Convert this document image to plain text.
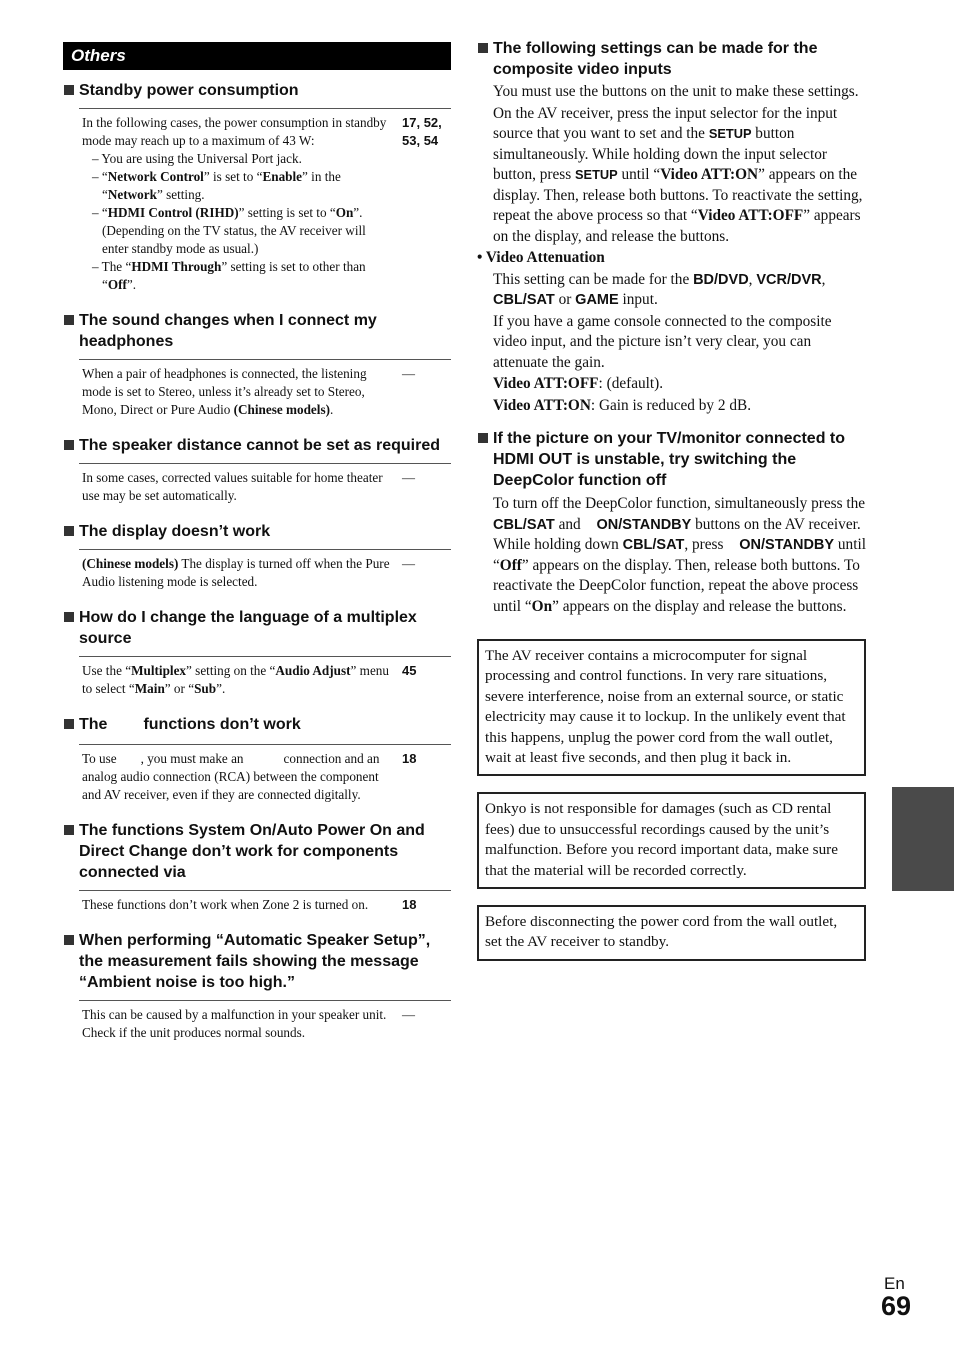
Others
Standby power consumption
In the following cases, the power consumption in standby mode may reach up to a maximum of 43 W:
– You are using the Universal Port jack.
– “Network Control” is set to “Enable” in the “Network” setting.
– “HDMI Control (RIHD)” setting is set to “On”. (Depending on the TV status, the AV receiver will enter standby mode as usual.)
– The “HDMI Through” setting is set to other than “Off”.
17, 52,
53, 54
The sound changes when I connect my headphones
When a pair of headphones is connected, the listening mode is set to Stereo, unless it’s already set to Stereo, Mono, Direct or Pure Audio (Chinese models).
—
The speaker distance cannot be set as required
In some cases, corrected values suitable for home theater use may be set automatically.
—
The display doesn’t work
(Chinese models) The display is turned off when the Pure Audio listening mode is selected.
—
How do I change the language of a multiplex source
Use the “Multiplex” setting on the “Audio Adjust” menu to select “Main” or “Sub”.
45
The functions don’t work
To use , you must make an	connection and an analog audio connection (RCA) between the component and AV receiver, even if they are connected digitally.
18
The functions System On/Auto Power On and Direct Change don’t work for components connected via
These functions don’t work when Zone 2 is turned on.	18
When performing “Automatic Speaker Setup”, the measurement fails showing the message “Ambient noise is too high.”
This can be caused by a malfunction in your speaker unit. Check if the unit produces normal sounds.
—
The following settings can be made for the composite video inputs

You must use the buttons on the unit to make these settings.

On the AV receiver, press the input selector for the input source that you want to set and the SETUP button simultaneously. While holding down the input selector button, press SETUP until “Video ATT:ON” appears on the display. Then, release both buttons. To reactivate the setting, repeat the above process so that “Video ATT:OFF” appears on the display, and release the buttons.

• Video Attenuation

This setting can be made for the BD/DVD, VCR/DVR, CBL/SAT or GAME input.

If you have a game console connected to the composite video input, and the picture isn’t very clear, you can attenuate the gain.

Video ATT:OFF: (default).

Video ATT:ON: Gain is reduced by 2 dB.

If the picture on your TV/monitor connected to HDMI OUT is unstable, try switching the DeepColor function off

To turn off the DeepColor function, simultaneously press the CBL/SAT and ON/STANDBY buttons on the AV receiver. While holding down CBL/SAT, press ON/STANDBY until “Off” appears on the display. Then, release both buttons. To reactivate the DeepColor function, repeat the above process until “On” appears on the display and release the buttons.

The AV receiver contains a microcomputer for signal processing and control functions. In very rare situations, severe interference, noise from an external source, or static electricity may cause it to lockup. In the unlikely event that this happens, unplug the power cord from the wall outlet, wait at least five seconds, and then plug it back in.
Onkyo is not responsible for damages (such as CD rental fees) due to unsuccessful recordings caused by the unit’s malfunction. Before you record important data, make sure that the material will be recorded correctly.
Before disconnecting the power cord from the wall outlet, set the AV receiver to standby.
En
69
